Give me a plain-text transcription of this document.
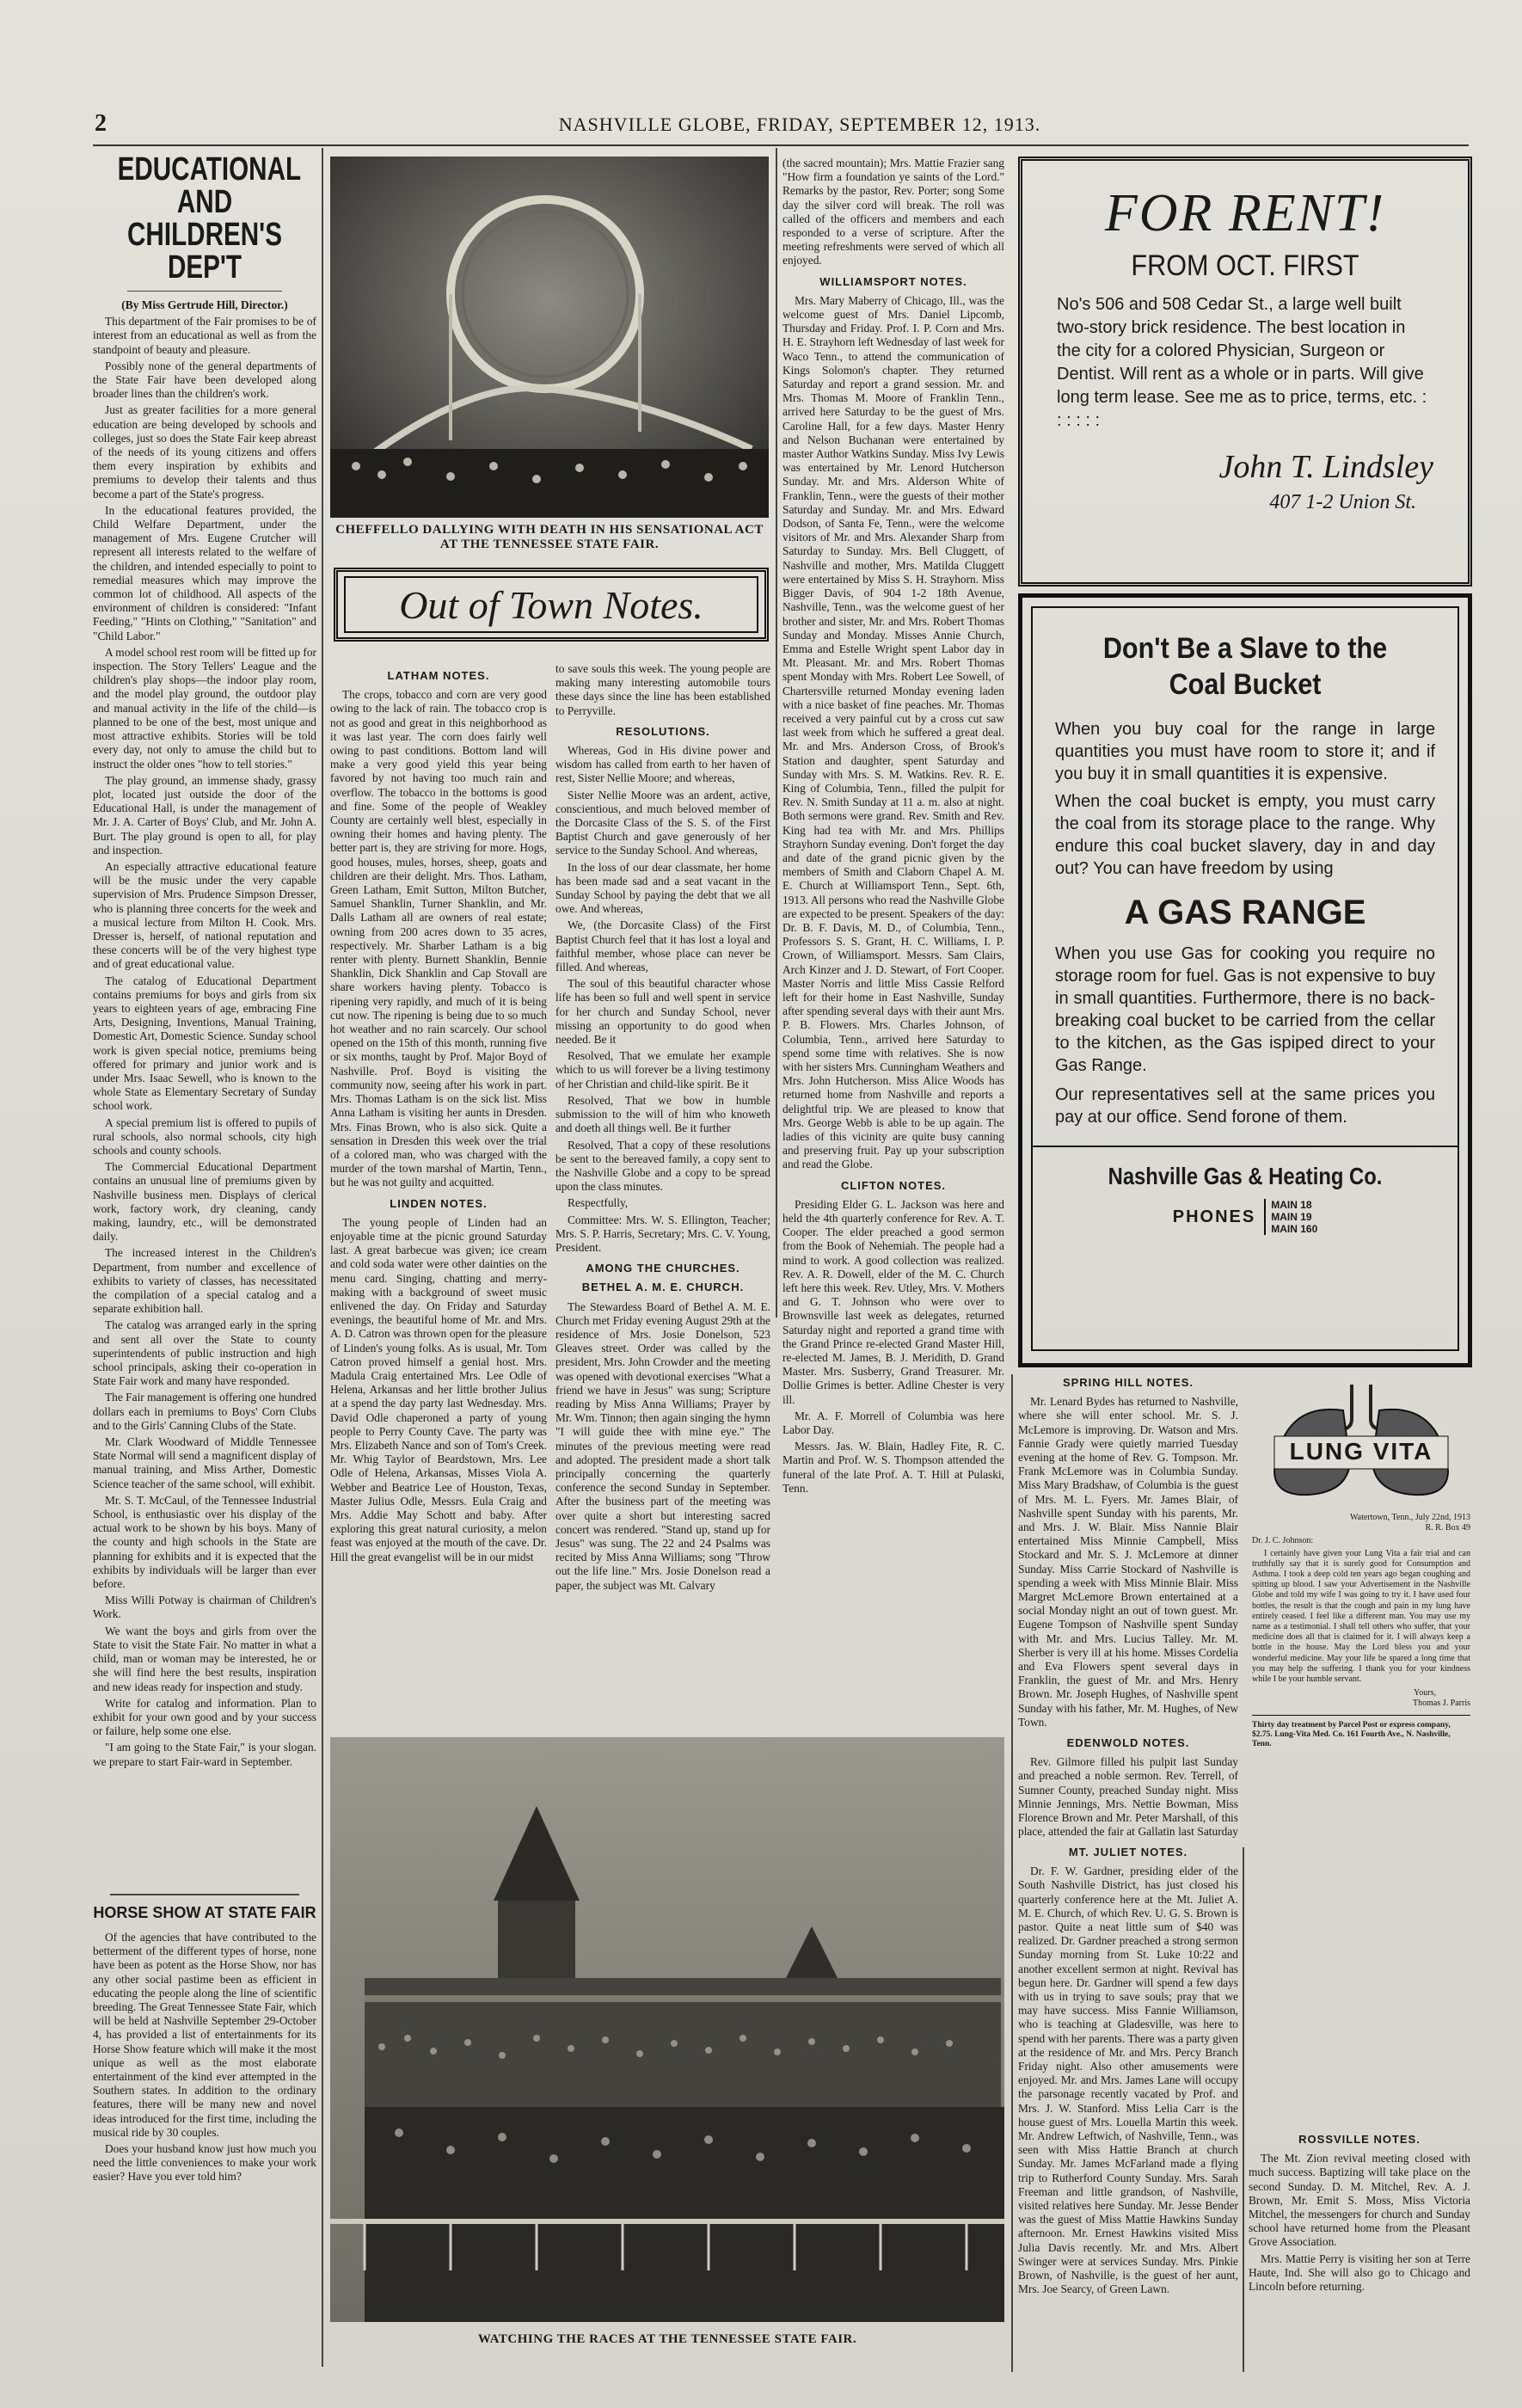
2	NASHVILLE GLOBE, FRIDAY, SEPTEMBER 12, 1913.
EDUCATIONAL AND CHILDREN'S DEP'T

(By Miss Gertrude Hill, Director.)

This department of the Fair promises to be of interest from an educational as well as from the standpoint of beauty and pleasure.

Possibly none of the general departments of the State Fair have been developed along broader lines than the children's work.

Just as greater facilities for a more general education are being developed by schools and colleges, just so does the State Fair keep abreast of the needs of its young citizens and offers them every inspiration by exhibits and premiums to develop their talents and thus become a part of the State's progress.

In the educational features provided, the Child Welfare Department, under the management of Mrs. Eugene Crutcher will represent all interests related to the welfare of the children, and intended especially to point to remedial measures which may improve the common lot of childhood. All aspects of the environment of children is considered: "Infant Feeding," "Hints on Clothing," "Sanitation" and "Child Labor."

A model school rest room will be fitted up for inspection. The Story Tellers' League and the children's play shops—the indoor play room, and the model play ground, the outdoor play and manual activity in the life of the child—is planned to be one of the best, most unique and most attractive exhibits. Stories will be told every day, not only to amuse the child but to instruct the older ones "how to tell stories."

The play ground, an immense shady, grassy plot, located just outside the door of the Educational Hall, is under the management of Mr. J. A. Carter of Boys' Club, and Mr. John A. Burt. The play ground is open to all, for play and inspection.

An especially attractive educational feature will be the music under the very capable supervision of Mrs. Prudence Simpson Dresser, who is planning three concerts for the week and a musical lecture from Milton H. Cook. Mrs. Dresser is, herself, of national reputation and these concerts will be of the very highest type and of great educational value.

The catalog of Educational Department contains premiums for boys and girls from six years to eighteen years of age, embracing Fine Arts, Designing, Inventions, Manual Training, Domestic Art, Domestic Science. Sunday school work is given special notice, premiums being offered for primary and junior work and is under Mrs. Isaac Sewell, who is known to the whole State as Elementary Secretary of Sunday school work.

A special premium list is offered to pupils of rural schools, also normal schools, city high schools and county schools.

The Commercial Educational Department contains an unusual line of premiums given by Nashville business men. Displays of clerical work, factory work, dry cleaning, candy making, laundry, etc., will be demonstrated daily.

The increased interest in the Children's Department, from number and excellence of exhibits to variety of classes, has necessitated the compilation of a special catalog and a separate exhibition hall.

The catalog was arranged early in the spring and sent all over the State to county superintendents of public instruction and high school principals, asking their co-operation in State Fair work and many have responded.

The Fair management is offering one hundred dollars each in premiums to Boys' Corn Clubs and to the Girls' Canning Clubs of the State.

Mr. Clark Woodward of Middle Tennessee State Normal will send a magnificent display of manual training, and Miss Arther, Domestic Science teacher of the same school, will exhibit.

Mr. S. T. McCaul, of the Tennessee Industrial School, is enthusiastic over his display of the actual work to be shown by his boys. Many of the county and high schools in the State are planning for exhibits and it is expected that the exhibits by individuals will be larger than ever before.

Miss Willi Potway is chairman of Children's Work.

We want the boys and girls from over the State to visit the State Fair. No matter in what a child, man or woman may be interested, he or she will find here the best results, inspiration and new ideas ready for inspection and study.

Write for catalog and information. Plan to exhibit for your own good and by your success or failure, help some one else.

"I am going to the State Fair," is your slogan. we prepare to start Fair-ward in September.

HORSE SHOW AT STATE FAIR

Of the agencies that have contributed to the betterment of the different types of horse, none have been as potent as the Horse Show, nor has any other social pastime been as efficient in educating the people along the line of scientific breeding. The Great Tennessee State Fair, which will be held at Nashville September 29-October 4, has provided a list of entertainments for its Horse Show feature which will make it the most unique as well as the most elaborate entertainment of the kind ever attempted in the Southern states. In addition to the ordinary features, there will be many new and novel ideas introduced for the first time, including the musical ride by 30 couples.

Does your husband know just how much you need the little conveniences to make your work easier? Have you ever told him?

CHEFFELLO DALLYING WITH DEATH IN HIS SENSATIONAL ACT AT THE TENNESSEE STATE FAIR.
Out of Town Notes.
LATHAM NOTES.

The crops, tobacco and corn are very good owing to the lack of rain. The tobacco crop is not as good and great in this neighborhood as it was last year. The corn does fairly well owing to past conditions. Bottom land will make a very good yield this year being favored by not having too much rain and overflow. The tobacco in the bottoms is good and fine. Some of the people of Weakley County are certainly well blest, especially in owning their homes and having plenty. The better part is, they are striving for more. Hogs, good houses, mules, horses, sheep, goats and children are their delight. Mrs. Thos. Latham, Green Latham, Emit Sutton, Milton Butcher, Samuel Shanklin, Turner Shanklin, and Mr. Dalls Latham all are owners of real estate; owning from 200 acres down to 35 acres, respectively. Mr. Sharber Latham is a big renter with plenty. Burnett Shanklin, Bennie Shanklin, Dick Shanklin and Cap Stovall are share workers having plenty. Tobacco is ripening very rapidly, and much of it is being cut now. The ripening is being due to so much hot weather and no rain scarcely. Our school opened on the 15th of this month, running five or six months, taught by Prof. Major Boyd of Nashville. Prof. Boyd is visiting the community now, seeing after his work in part. Mrs. Thomas Latham is on the sick list. Miss Anna Latham is visiting her aunts in Dresden. Mrs. Finas Brown, who is also sick. Quite a sensation in Dresden this week over the trial of a colored man, who was charged with the murder of the town marshal of Martin, Tenn., but he was not guilty and acquitted.

LINDEN NOTES.

The young people of Linden had an enjoyable time at the picnic ground Saturday last. A great barbecue was given; ice cream and cold soda water were other dainties on the menu card. Singing, chatting and merry-making with a background of sweet music enlivened the day. On Friday and Saturday evenings, the beautiful home of Mr. and Mrs. A. D. Catron was thrown open for the pleasure of Linden's young folks. As is usual, Mr. Tom Catron proved himself a genial host. Mrs. Madula Craig entertained Mrs. Lee Odle of Helena, Arkansas and her little brother Julius at a spend the day party last Wednesday. Mrs. David Odle chaperoned a party of young people to Perry County Cave. The party was Mrs. Elizabeth Nance and son of Tom's Creek. Mr. Whig Taylor of Beardstown, Mrs. Lee Odle of Helena, Arkansas, Misses Viola A. Webber and Beatrice Lee of Houston, Texas, Master Julius Odle, Messrs. Eula Craig and Mrs. Addie May Schott and baby. After exploring this great natural curiosity, a melon feast was enjoyed at the mouth of the cave. Dr. Hill the great evangelist will be in our midst

to save souls this week. The young people are making many interesting automobile tours these days since the line has been established to Perryville.

RESOLUTIONS.

Whereas, God in His divine power and wisdom has called from earth to her haven of rest, Sister Nellie Moore; and whereas,

Sister Nellie Moore was an ardent, active, conscientious, and much beloved member of the Dorcasite Class of the S. S. of the First Baptist Church and gave generously of her service to the Sunday School. And whereas,

In the loss of our dear classmate, her home has been made sad and a seat vacant in the Sunday School by paying the debt that we all owe. And whereas,

We, (the Dorcasite Class) of the First Baptist Church feel that it has lost a loyal and faithful member, whose place can never be filled. And whereas,

The soul of this beautiful character whose life has been so full and well spent in service for her church and Sunday School, never missing an opportunity to do good when needed. Be it

Resolved, That we emulate her example which to us will forever be a living testimony of her Christian and child-like spirit. Be it

Resolved, That we bow in humble submission to the will of him who knoweth and doeth all things well. Be it further

Resolved, That a copy of these resolutions be sent to the bereaved family, a copy sent to the Nashville Globe and a copy to be spread upon the class minutes.

Respectfully,

Committee: Mrs. W. S. Ellington, Teacher; Mrs. S. P. Harris, Secretary; Mrs. C. V. Young, President.

AMONG THE CHURCHES.
BETHEL A. M. E. CHURCH.

The Stewardess Board of Bethel A. M. E. Church met Friday evening August 29th at the residence of Mrs. Josie Donelson, 523 Gleaves street. Order was called by the president, Mrs. John Crowder and the meeting was opened with devotional exercises "What a friend we have in Jesus" was sung; Scripture reading by Miss Anna Williams; Prayer by Mr. Wm. Tinnon; then again singing the hymn "I will guide thee with mine eye." The minutes of the previous meeting were read and adopted. The president made a short talk principally concerning the quarterly conference the second Sunday in September. After the business part of the meeting was over quite a short but interesting sacred concert was rendered. "Stand up, stand up for Jesus" was sung. The 22 and 24 Psalms was recited by Miss Anna Williams; song "Throw out the life line." Mrs. Josie Donelson read a paper, the subject was Mt. Calvary

(the sacred mountain); Mrs. Mattie Frazier sang "How firm a foundation ye saints of the Lord." Remarks by the pastor, Rev. Porter; song Some day the silver cord will break. The roll was called of the officers and members and each responded to a verse of scripture. After the meeting refreshments were served of which all enjoyed.

WILLIAMSPORT NOTES.

Mrs. Mary Maberry of Chicago, Ill., was the welcome guest of Mrs. Daniel Lipcomb, Thursday and Friday. Prof. I. P. Corn and Mrs. H. E. Strayhorn left Wednesday of last week for Waco Tenn., to attend the communication of Kings Solomon's chapter. They returned Saturday and report a grand session. Mr. and Mrs. Thomas M. Moore of Franklin Tenn., arrived here Saturday to be the guest of Mrs. Caroline Hall, for a few days. Master Henry and Nelson Buchanan were entertained by master Author Watkins Sunday. Miss Ivy Lewis was entertained by Mr. Lenord Hutcherson Sunday. Mr. and Mrs. Alderson White of Franklin, Tenn., were the guests of their mother Saturday and Sunday. Mr. and Mrs. Edward Dodson, of Santa Fe, Tenn., were the welcome visitors of Mr. and Mrs. Alexander Sharp from Saturday to Sunday. Mrs. Bell Cluggett, of Nashville and mother, Mrs. Matilda Cluggett were entertained by Miss S. H. Strayhorn. Miss Bigger Davis, of 904 1-2 18th Avenue, Nashville, Tenn., was the welcome guest of her brother and sister, Mr. and Mrs. Robert Thomas Sunday and Monday. Misses Annie Church, Emma and Estelle Wright spent Labor day in Mt. Pleasant. Mr. and Mrs. Robert Thomas spent Monday with Mrs. Robert Lee Sowell, of Chartersville returned Monday evening laden with a nice basket of fine peaches. Mr. Thomas received a very painful cut by a cross cut saw last week from which he suffered a great deal. Mr. and Mrs. Anderson Cross, of Brook's Station and daughter, spent Saturday and Sunday with Mrs. S. M. Watkins. Rev. R. E. King of Columbia, Tenn., filled the pulpit for Rev. N. Smith Sunday at 11 a. m. also at night. Both sermons were grand. Rev. Smith and Rev. King had tea with Mr. and Mrs. Phillips Strayhorn Sunday evening. Don't forget the day and date of the grand picnic given by the members of Smith and Claborn Chapel A. M. E. Church at Williamsport Tenn., Sept. 6th, 1913. All persons who read the Nashville Globe are expected to be present. Speakers of the day: Dr. B. F. Davis, M. D., of Columbia, Tenn., Professors S. S. Grant, H. C. Williams, I. P. Crown, of Williamsport. Messrs. Sam Clairs, Arch Kinzer and J. D. Stewart, of Fort Cooper. Master Norris and little Miss Cassie Relford left for their home in East Nashville, Sunday after spending several days with their aunt Mrs. P. B. Flowers. Mrs. Charles Johnson, of Columbia, Tenn., arrived here Saturday to spend some time with relatives. She is now with her sisters Mrs. Cunningham Weathers and Mrs. John Hutcherson. Miss Alice Woods has returned home from Nashville and reports a delightful trip. We are pleased to know that Mrs. George Webb is able to be up again. The ladies of this vicinity are quite busy canning and preserving fruit. Pay up your subscription and read the Globe.

CLIFTON NOTES.

Presiding Elder G. L. Jackson was here and held the 4th quarterly conference for Rev. A. T. Cooper. The elder preached a good sermon from the Book of Nehemiah. The people had a mind to work. A good collection was realized. Rev. A. R. Dowell, elder of the M. C. Church left here this week. Rev. Utley, Mrs. V. Mothers and G. T. Johnson who were over to Brownsville last week as delegates, returned Saturday night and reported a grand time with the Grand Prince re-elected Grand Master Hill, re-elected M. James, B. J. Meridith, D. Grand Master. Mrs. Susberry, Grand Treasurer. Mr. Dollie Grimes is better. Adline Chester is very ill.

Mr. A. F. Morrell of Columbia was here Labor Day.

Messrs. Jas. W. Blain, Hadley Fite, R. C. Martin and Prof. W. S. Thompson attended the funeral of the late Prof. A. T. Hill at Pulaski, Tenn.

FOR RENT!
FROM OCT. FIRST
No's 506 and 508 Cedar St., a large well built two-story brick residence. The best location in the city for a colored Physician, Surgeon or Dentist. Will rent as a whole or in parts. Will give long term lease. See me as to price, terms, etc. : : : : : :
John T. Lindsley
407 1-2 Union St.
Don't Be a Slave to the Coal Bucket
When you buy coal for the range in large quantities you must have room to store it; and if you buy it in small quantities it is expensive.
When the coal bucket is empty, you must carry the coal from its storage place to the range. Why endure this coal bucket slavery, day in and day out? You can have freedom by using
A GAS RANGE
When you use Gas for cooking you require no storage room for fuel. Gas is not expensive to buy in small quantities. Furthermore, there is no back-breaking coal bucket to be carried from the cellar to the kitchen, as the Gas ispiped direct to your Gas Range.
Our representatives sell at the same prices you pay at our office. Send forone of them.
Nashville Gas & Heating Co.
PHONES
MAIN 18
MAIN 19
MAIN 160
SPRING HILL NOTES.

Mr. Lenard Bydes has returned to Nashville, where she will enter school. Mr. S. J. McLemore is improving. Dr. Watson and Mrs. Fannie Grady were quietly married Tuesday evening at the home of Rev. G. Tompson. Mr. Frank McLemore was in Columbia Sunday. Miss Mary Bradshaw, of Columbia is the guest of Mrs. M. L. Fyers. Mr. James Blair, of Nashville spent Sunday with his parents, Mr. and Mrs. J. W. Blair. Miss Nannie Blair entertained Miss Minnie Campbell, Miss Stockard and Mr. S. J. McLemore at dinner Sunday. Miss Carrie Stockard of Nashville is spending a week with Miss Minnie Blair. Miss Margret McLemore Brown entertained at a social Monday night an out of town guest. Mr. Eugene Tompson of Nashville spent Sunday with Mr. and Mrs. Lucius Talley. Mr. M. Sherber is very ill at his home. Misses Cordelia and Eva Flowers spent several days in Franklin, the guest of Mr. and Mrs. Henry Brown. Mr. Joseph Hughes, of Nashville spent Sunday with his father, Mr. M. Hughes, of New Town.

EDENWOLD NOTES.

Rev. Gilmore filled his pulpit last Sunday and preached a noble sermon. Rev. Terrell, of Sumner County, preached Sunday night. Miss Minnie Jennings, Mrs. Nettie Bowman, Miss Florence Brown and Mr. Peter Marshall, of this place, attended the fair at Gallatin last Saturday

LUNG VITA
Watertown, Tenn., July 22nd, 1913
R. R. Box 49
Dr. J. C. Johnson:
I certainly have given your Lung Vita a fair trial and can truthfully say that it is surely good for Consumption and Asthma. I took a deep cold ten years ago began coughing and spitting up blood. I saw your Advertisement in the Nashville Globe and told my wife I was going to try it. I have used four bottles, the result is that the cough and pain in my lung have entirely ceased. I feel like a different man. You may use my name as a testimonial. I shall tell others who suffer, that your medicine does all that is claimed for it. I will always keep a bottle in the house. May the Lord bless you and your wonderful medicine. May your life be spared a long time that you may help the suffering. I thank you for your kindness while I be your humble servant.
Yours,
Thomas J. Parris
Thirty day treatment by Parcel Post or express company, $2.75. Lung-Vita Med. Co. 161 Fourth Ave., N. Nashville, Tenn.
WATCHING THE RACES AT THE TENNESSEE STATE FAIR.
MT. JULIET NOTES.

Dr. F. W. Gardner, presiding elder of the South Nashville District, has just closed his quarterly conference here at the Mt. Juliet A. M. E. Church, of which Rev. U. G. S. Brown is pastor. Quite a neat little sum of $40 was realized. Dr. Gardner preached a strong sermon Sunday morning from St. Luke 10:22 and another excellent sermon at night. Revival has begun here. Dr. Gardner will spend a few days with us in trying to save souls; pray that we may have success. Miss Fannie Williamson, who is teaching at Gladesville, was here to spend with her parents. There was a party given at the residence of Mr. and Mrs. Percy Branch Friday night. Also other amusements were enjoyed. Mr. and Mrs. James Lane will occupy the parsonage recently vacated by Prof. and Mrs. J. W. Stanford. Miss Lelia Carr is the house guest of Mrs. Louella Martin this week. Mr. Andrew Leftwich, of Nashville, Tenn., was seen with Miss Hattie Branch at church Sunday. Mr. James McFarland made a flying trip to Rutherford County Sunday. Mrs. Sarah Freeman and little grandson, of Nashville, visited relatives here Sunday. Mr. Jesse Bender was the guest of Miss Mattie Hawkins Sunday afternoon. Mr. Ernest Hawkins visited Miss Julia Davis recently. Mr. and Mrs. Albert Swinger were at services Sunday. Mrs. Pinkie Brown, of Nashville, is the guest of her aunt, Mrs. Joe Searcy, of Green Lawn.

ROSSVILLE NOTES.

The Mt. Zion revival meeting closed with much success. Baptizing will take place on the second Sunday. D. M. Mitchel, Rev. A. J. Brown, Mr. Emit S. Moss, Miss Victoria Mitchel, the messengers for church and Sunday school have returned home from the Pleasant Grove Association.

Mrs. Mattie Perry is visiting her son at Terre Haute, Ind. She will also go to Chicago and Lincoln before returning.
